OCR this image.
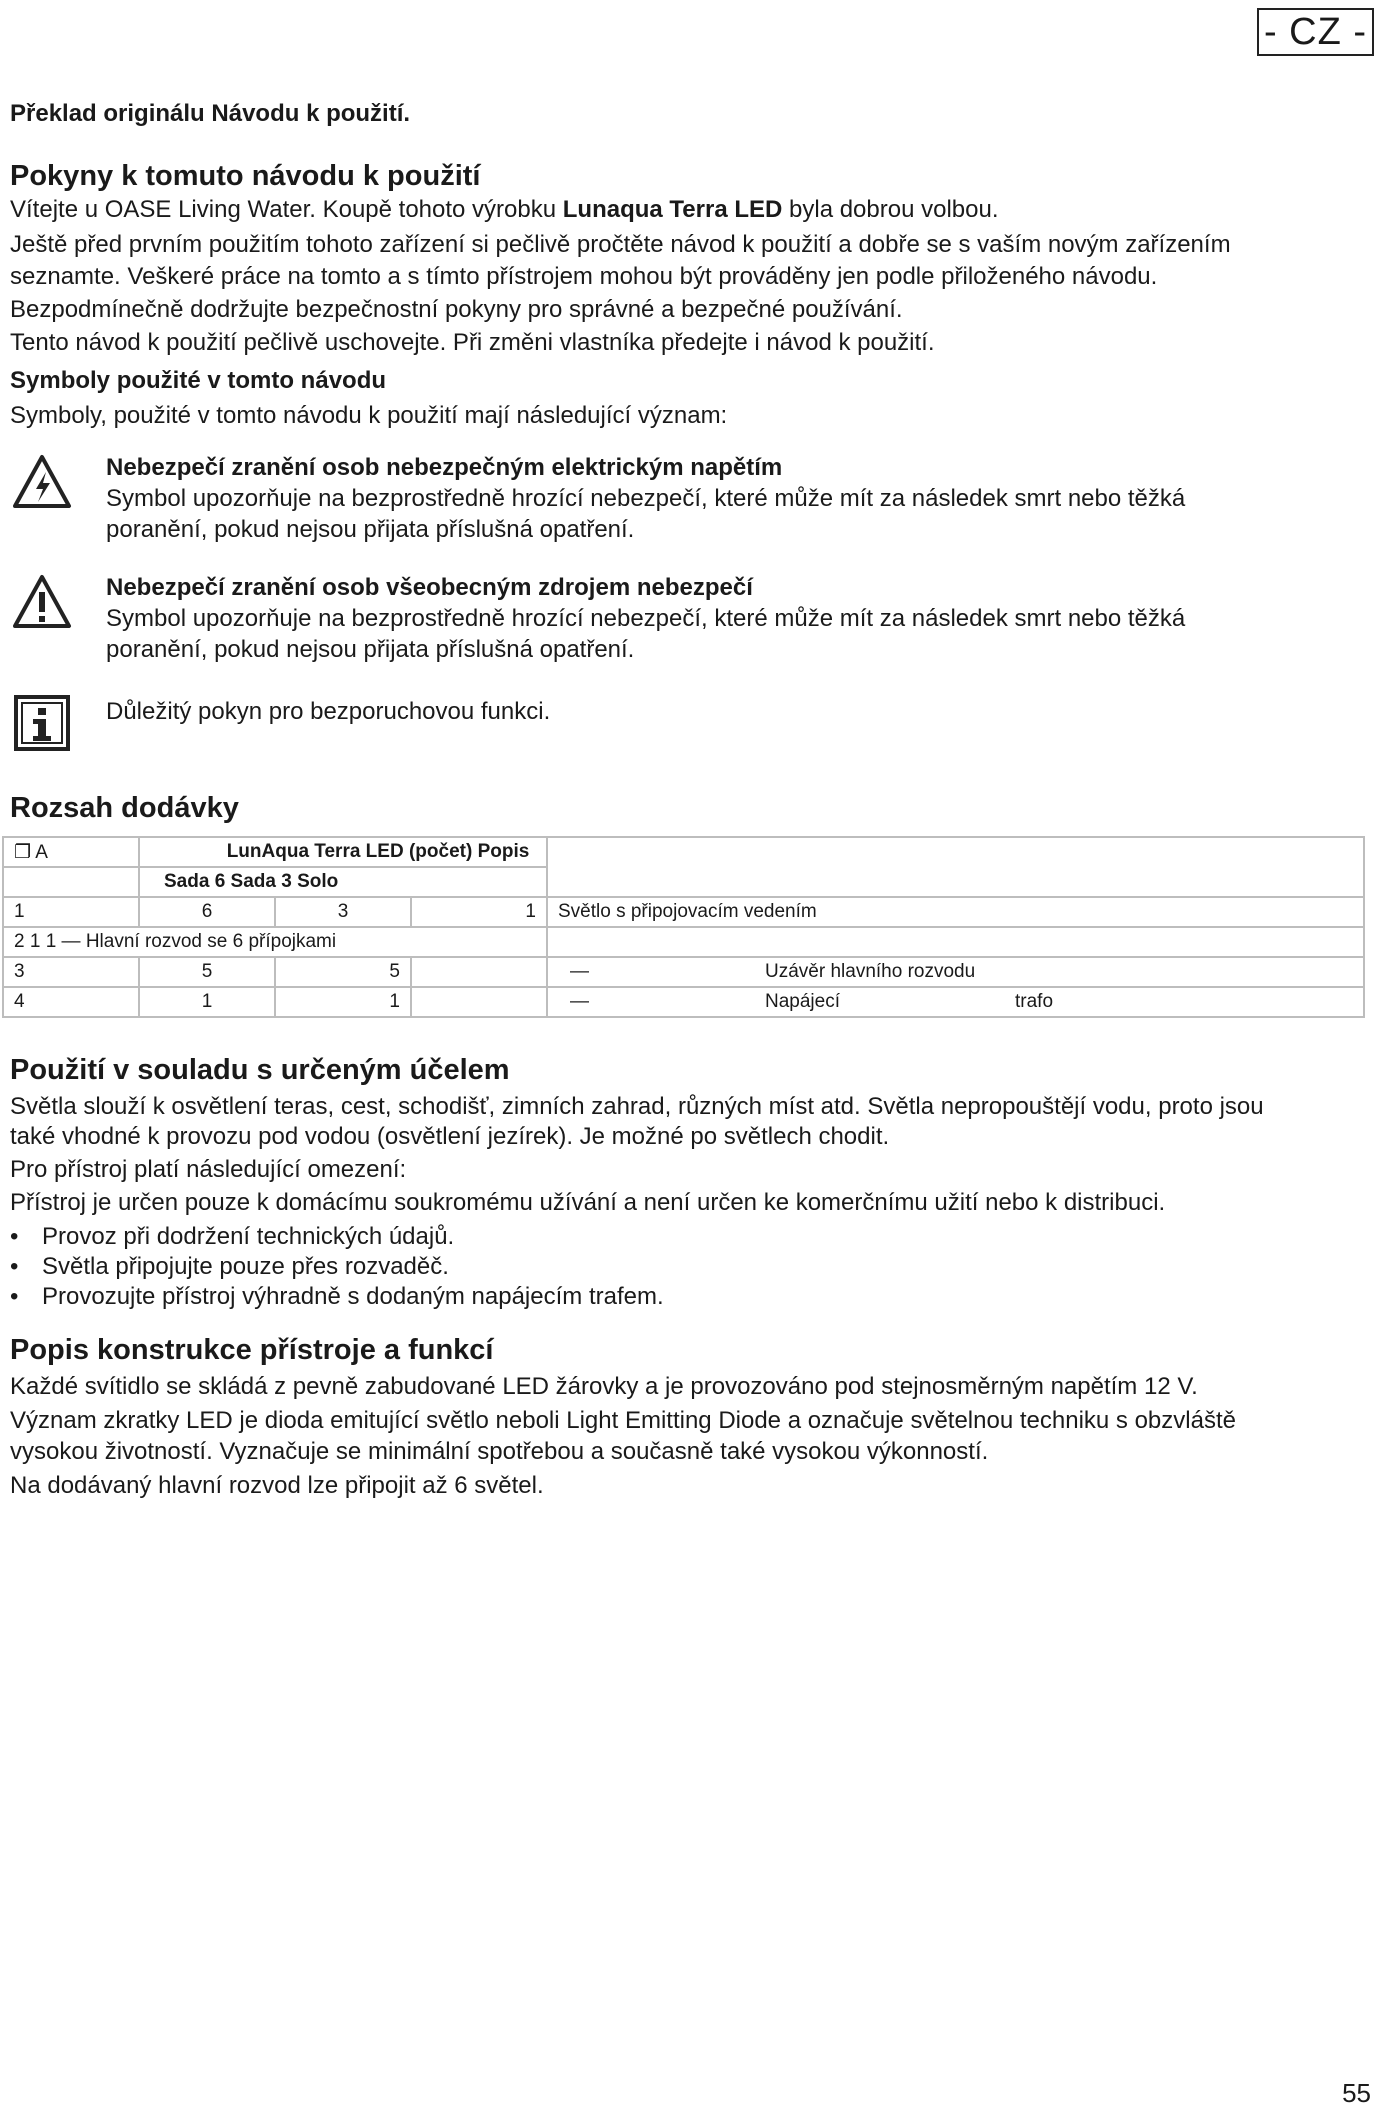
- CZ -
Překlad originálu Návodu k použití.
Pokyny k tomuto návodu k použití
Vítejte u OASE Living Water. Koupě tohoto výrobku Lunaqua Terra LED byla dobrou volbou.
Ještě před prvním použitím tohoto zařízení si pečlivě pročtěte návod k použití a dobře se s vaším novým zařízením
seznamte. Veškeré práce na tomto a s tímto přístrojem mohou být prováděny jen podle přiloženého návodu.
Bezpodmínečně dodržujte bezpečnostní pokyny pro správné a bezpečné používání.
Tento návod k použití pečlivě uschovejte. Při změni vlastníka předejte i návod k použití.
Symboly použité v tomto návodu
Symboly, použité v tomto návodu k použití mají následující význam:
Nebezpečí zranění osob nebezpečným elektrickým napětím
Symbol upozorňuje na bezprostředně hrozící nebezpečí, které může mít za následek smrt nebo těžká
poranění, pokud nejsou přijata příslušná opatření.
Nebezpečí zranění osob všeobecným zdrojem nebezpečí
Symbol upozorňuje na bezprostředně hrozící nebezpečí, které může mít za následek smrt nebo těžká
poranění, pokud nejsou přijata příslušná opatření.
Důležitý pokyn pro bezporuchovou funkci.
Rozsah dodávky
❐ A	LunAqua Terra LED (počet) Popis			
	Sada 6 Sada 3 Solo			
1	6	3	1	Světlo s připojovacím vedením
2 1 1 — Hlavní rozvod se 6 přípojkami				
3	5	5		— Uzávěr hlavního rozvodu
4	1	1		— Napájecí trafo
Použití v souladu s určeným účelem
Světla slouží k osvětlení teras, cest, schodišť, zimních zahrad, různých míst atd. Světla nepropouštějí vodu, proto jsou
také vhodné k provozu pod vodou (osvětlení jezírek). Je možné po světlech chodit.
Pro přístroj platí následující omezení:
Přístroj je určen pouze k domácímu soukromému užívání a není určen ke komerčnímu užití nebo k distribuci.
• Provoz při dodržení technických údajů.
• Světla připojujte pouze přes rozvaděč.
• Provozujte přístroj výhradně s dodaným napájecím trafem.
Popis konstrukce přístroje a funkcí
Každé svítidlo se skládá z pevně zabudované LED žárovky a je provozováno pod stejnosměrným napětím 12 V.
Význam zkratky LED je dioda emitující světlo neboli Light Emitting Diode a označuje světelnou techniku s obzvláště
vysokou životností. Vyznačuje se minimální spotřebou a současně také vysokou výkonností.
Na dodávaný hlavní rozvod lze připojit až 6 světel.
55
